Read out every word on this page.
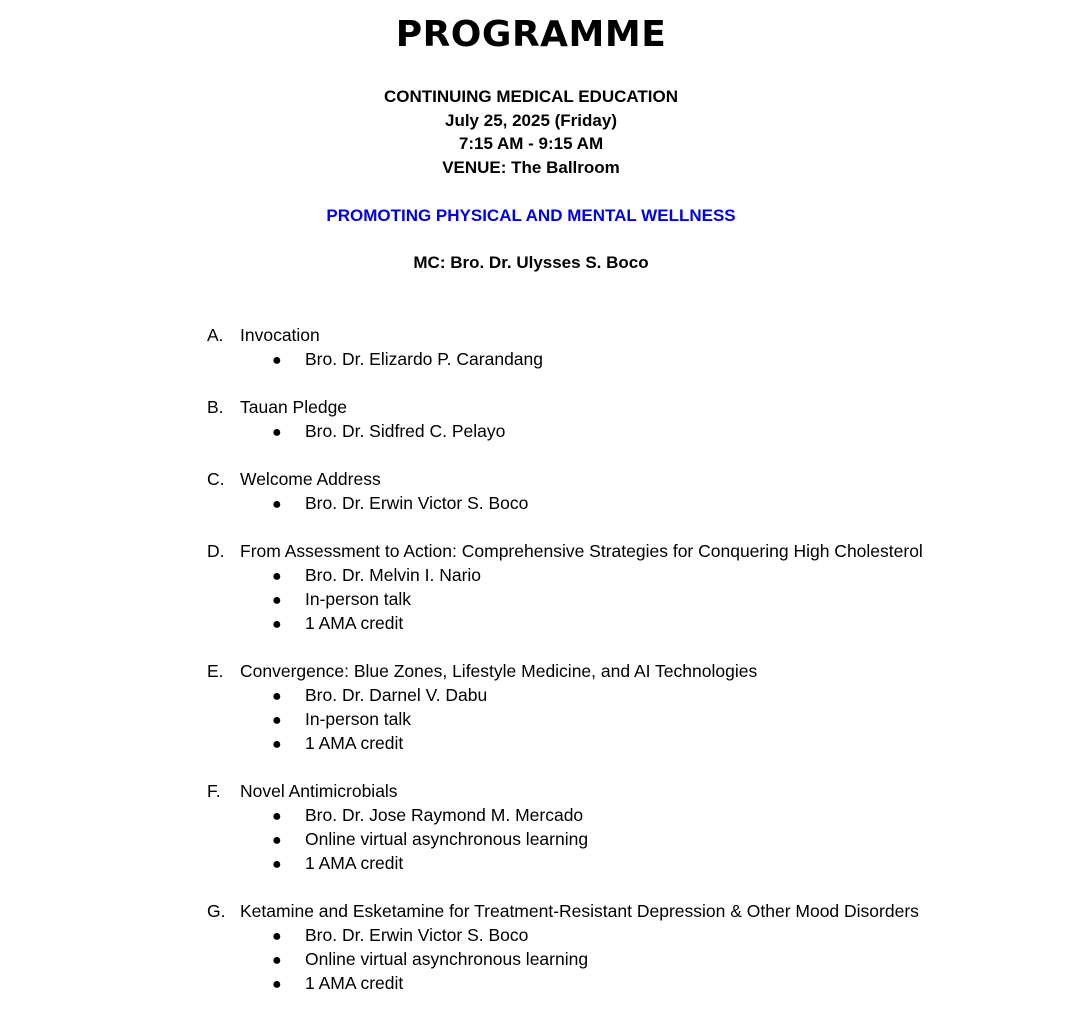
PROGRAMME
CONTINUING MEDICAL EDUCATION
July 25, 2025 (Friday)
7:15 AM - 9:15 AM
VENUE: The Ballroom
PROMOTING PHYSICAL AND MENTAL WELLNESS
MC: Bro. Dr. Ulysses S. Boco
A. Invocation
● Bro. Dr. Elizardo P. Carandang
B. Tauan Pledge
● Bro. Dr. Sidfred C. Pelayo
C. Welcome Address
● Bro. Dr. Erwin Victor S. Boco
D. From Assessment to Action: Comprehensive Strategies for Conquering High Cholesterol
● Bro. Dr. Melvin I. Nario
● In-person talk
● 1 AMA credit
E. Convergence: Blue Zones, Lifestyle Medicine, and AI Technologies
● Bro. Dr. Darnel V. Dabu
● In-person talk
● 1 AMA credit
F. Novel Antimicrobials
● Bro. Dr. Jose Raymond M. Mercado
● Online virtual asynchronous learning
● 1 AMA credit
G. Ketamine and Esketamine for Treatment-Resistant Depression & Other Mood Disorders
● Bro. Dr. Erwin Victor S. Boco
● Online virtual asynchronous learning
● 1 AMA credit
